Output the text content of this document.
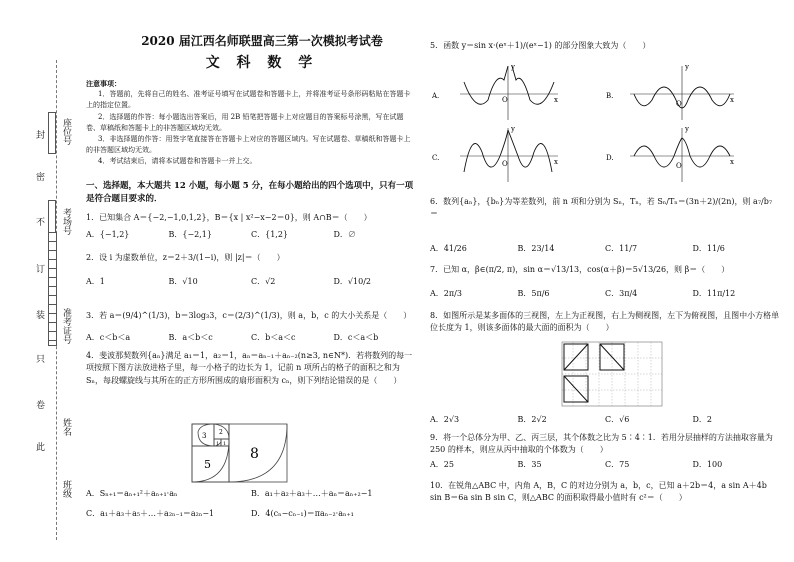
封
密
不
订
装
只
卷
此
座位号
考场号
准考证号
姓名
班级
2020 届江西名师联盟高三第一次模拟考试卷
文 科 数 学

注意事项：

1．答题前，先将自己的姓名、准考证号填写在试题卷和答题卡上，并将准考证号条形码粘贴在答题卡上的指定位置。

2．选择题的作答：每小题选出答案后，用 2B 铅笔把答题卡上对应题目的答案标号涂黑，写在试题卷、草稿纸和答题卡上的非答题区域均无效。

3．非选择题的作答：用签字笔直接答在答题卡上对应的答题区域内。写在试题卷、草稿纸和答题卡上的非答题区域均无效。

4．考试结束后，请将本试题卷和答题卡一并上交。

一、选择题，本大题共 12 小题，每小题 5 分，在每小题给出的四个选项中，只有一项是符合题目要求的．
1．已知集合 A＝{−2,−1,0,1,2}，B＝{x | x²−x−2＝0}，则 A∩B＝（　　）
A．{−1,2}	B．{−2,1}	C．{1,2}	D．∅
2．设 i 为虚数单位，z＝2＋3/(1−i)，则 |z|＝（　　）
A．1	B．√10	C．√2	D．√10/2
3．若 a＝(9/4)^(1/3)，b＝3log₃3，c＝(2/3)^(1/3)，则 a，b，c 的大小关系是（　　）
A．c＜b＜a	B．a＜b＜c	C．b＜a＜c	D．c＜a＜b
4．斐波那契数列{aₙ}满足 a₁＝1，a₂＝1，aₙ＝aₙ₋₁＋aₙ₋₂(n≥3, n∈N*)．若将数列的每一项按照下图方法放进格子里，每一小格子的边长为 1，记前 n 项所占的格子的面积之和为 Sₙ，每段螺旋线与其所在的正方形所围成的扇形面积为 cₙ，则下列结论错误的是（　　）
3 2
1 1
5
8
A．Sₙ₊₁＝aₙ₊₁²＋aₙ₊₁·aₙ	B．a₁＋a₂＋a₃＋…＋aₙ＝aₙ₊₂−1
C．a₁＋a₃＋a₅＋…＋a₂ₙ₋₁＝a₂ₙ−1	D．4(cₙ−cₙ₋₁)＝πaₙ₋₂·aₙ₊₁
5．函数 y＝sin x·(eˣ＋1)/(eˣ−1) 的部分图象大致为（　　）
A.
y
x
O	B.
y
x
O
C.
y
x
O
D.
y
x
O
6．数列{aₙ}，{bₙ}为等差数列，前 n 项和分别为 Sₙ，Tₙ，若 Sₙ/Tₙ＝(3n＋2)/(2n)，则 a₇/b₇＝
A．41/26	B．23/14	C．11/7	D．11/6
7．已知 α，β∈(π/2, π)，sin α＝√13/13，cos(α＋β)＝5√13/26，则 β＝（　　）
A．2π/3	B．5π/6	C．3π/4	D．11π/12
8．如图所示是某多面体的三视图，左上为正视图，右上为侧视图，左下为俯视图，且图中小方格单位长度为 1，则该多面体的最大面的面积为（　　）
A．2√3	B．2√2	C．√6	D．2
9．将一个总体分为甲、乙、丙三层，其个体数之比为 5∶4∶1．若用分层抽样的方法抽取容量为 250 的样本，则应从丙中抽取的个体数为（　　）
A．25	B．35	C．75	D．100
10．在锐角△ABC 中，内角 A，B，C 的对边分别为 a，b，c，已知 a＋2b＝4，a sin A＋4b sin B＝6a sin B sin C，则△ABC 的面积取得最小值时有 c²＝（　　）
